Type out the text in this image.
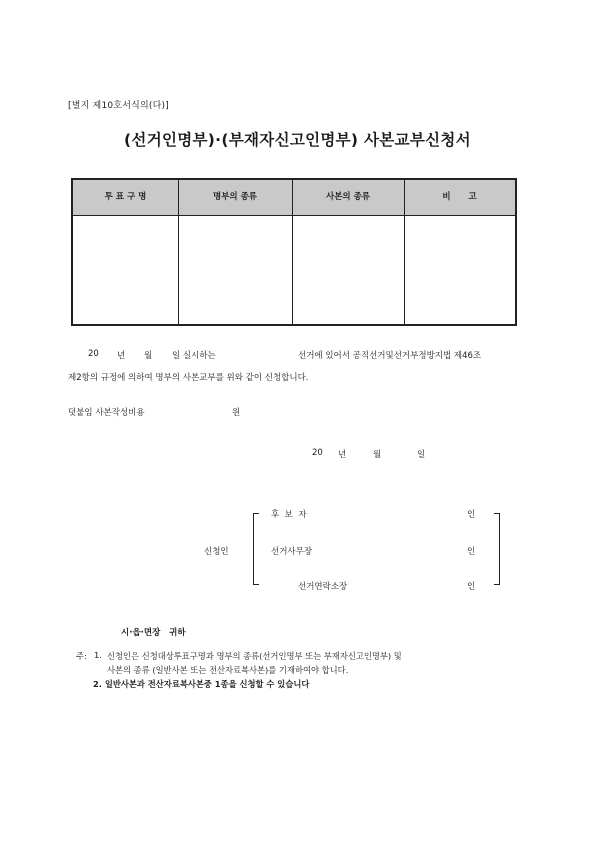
[별지 제10호서식의(다)]
(선거인명부)·(부재자신고인명부) 사본교부신청서
투 표 구 명	명부의 종류	사본의 종류	비      고
20 년 월 일 실시하는	선거에 있어서 공직선거및선거부정방지법 제46조
제2항의 규정에 의하여 명부의 사본교부를 위와 같이 신청합니다.
덧붙임 사본작성비용	원
20 년	월	일
신청인
후  보  자	인
선거사무장	인
선거연락소장	인
시·읍·면장   귀하
주: 1. 신청인은 신청대상투표구명과 명부의 종류(선거인명부 또는 부재자신고인명부) 및
사본의 종류 (일반사본 또는 전산자료복사본)를 기재하여야 합니다.
2. 일반사본과 전산자료복사본중 1종을 신청할 수 있습니다
